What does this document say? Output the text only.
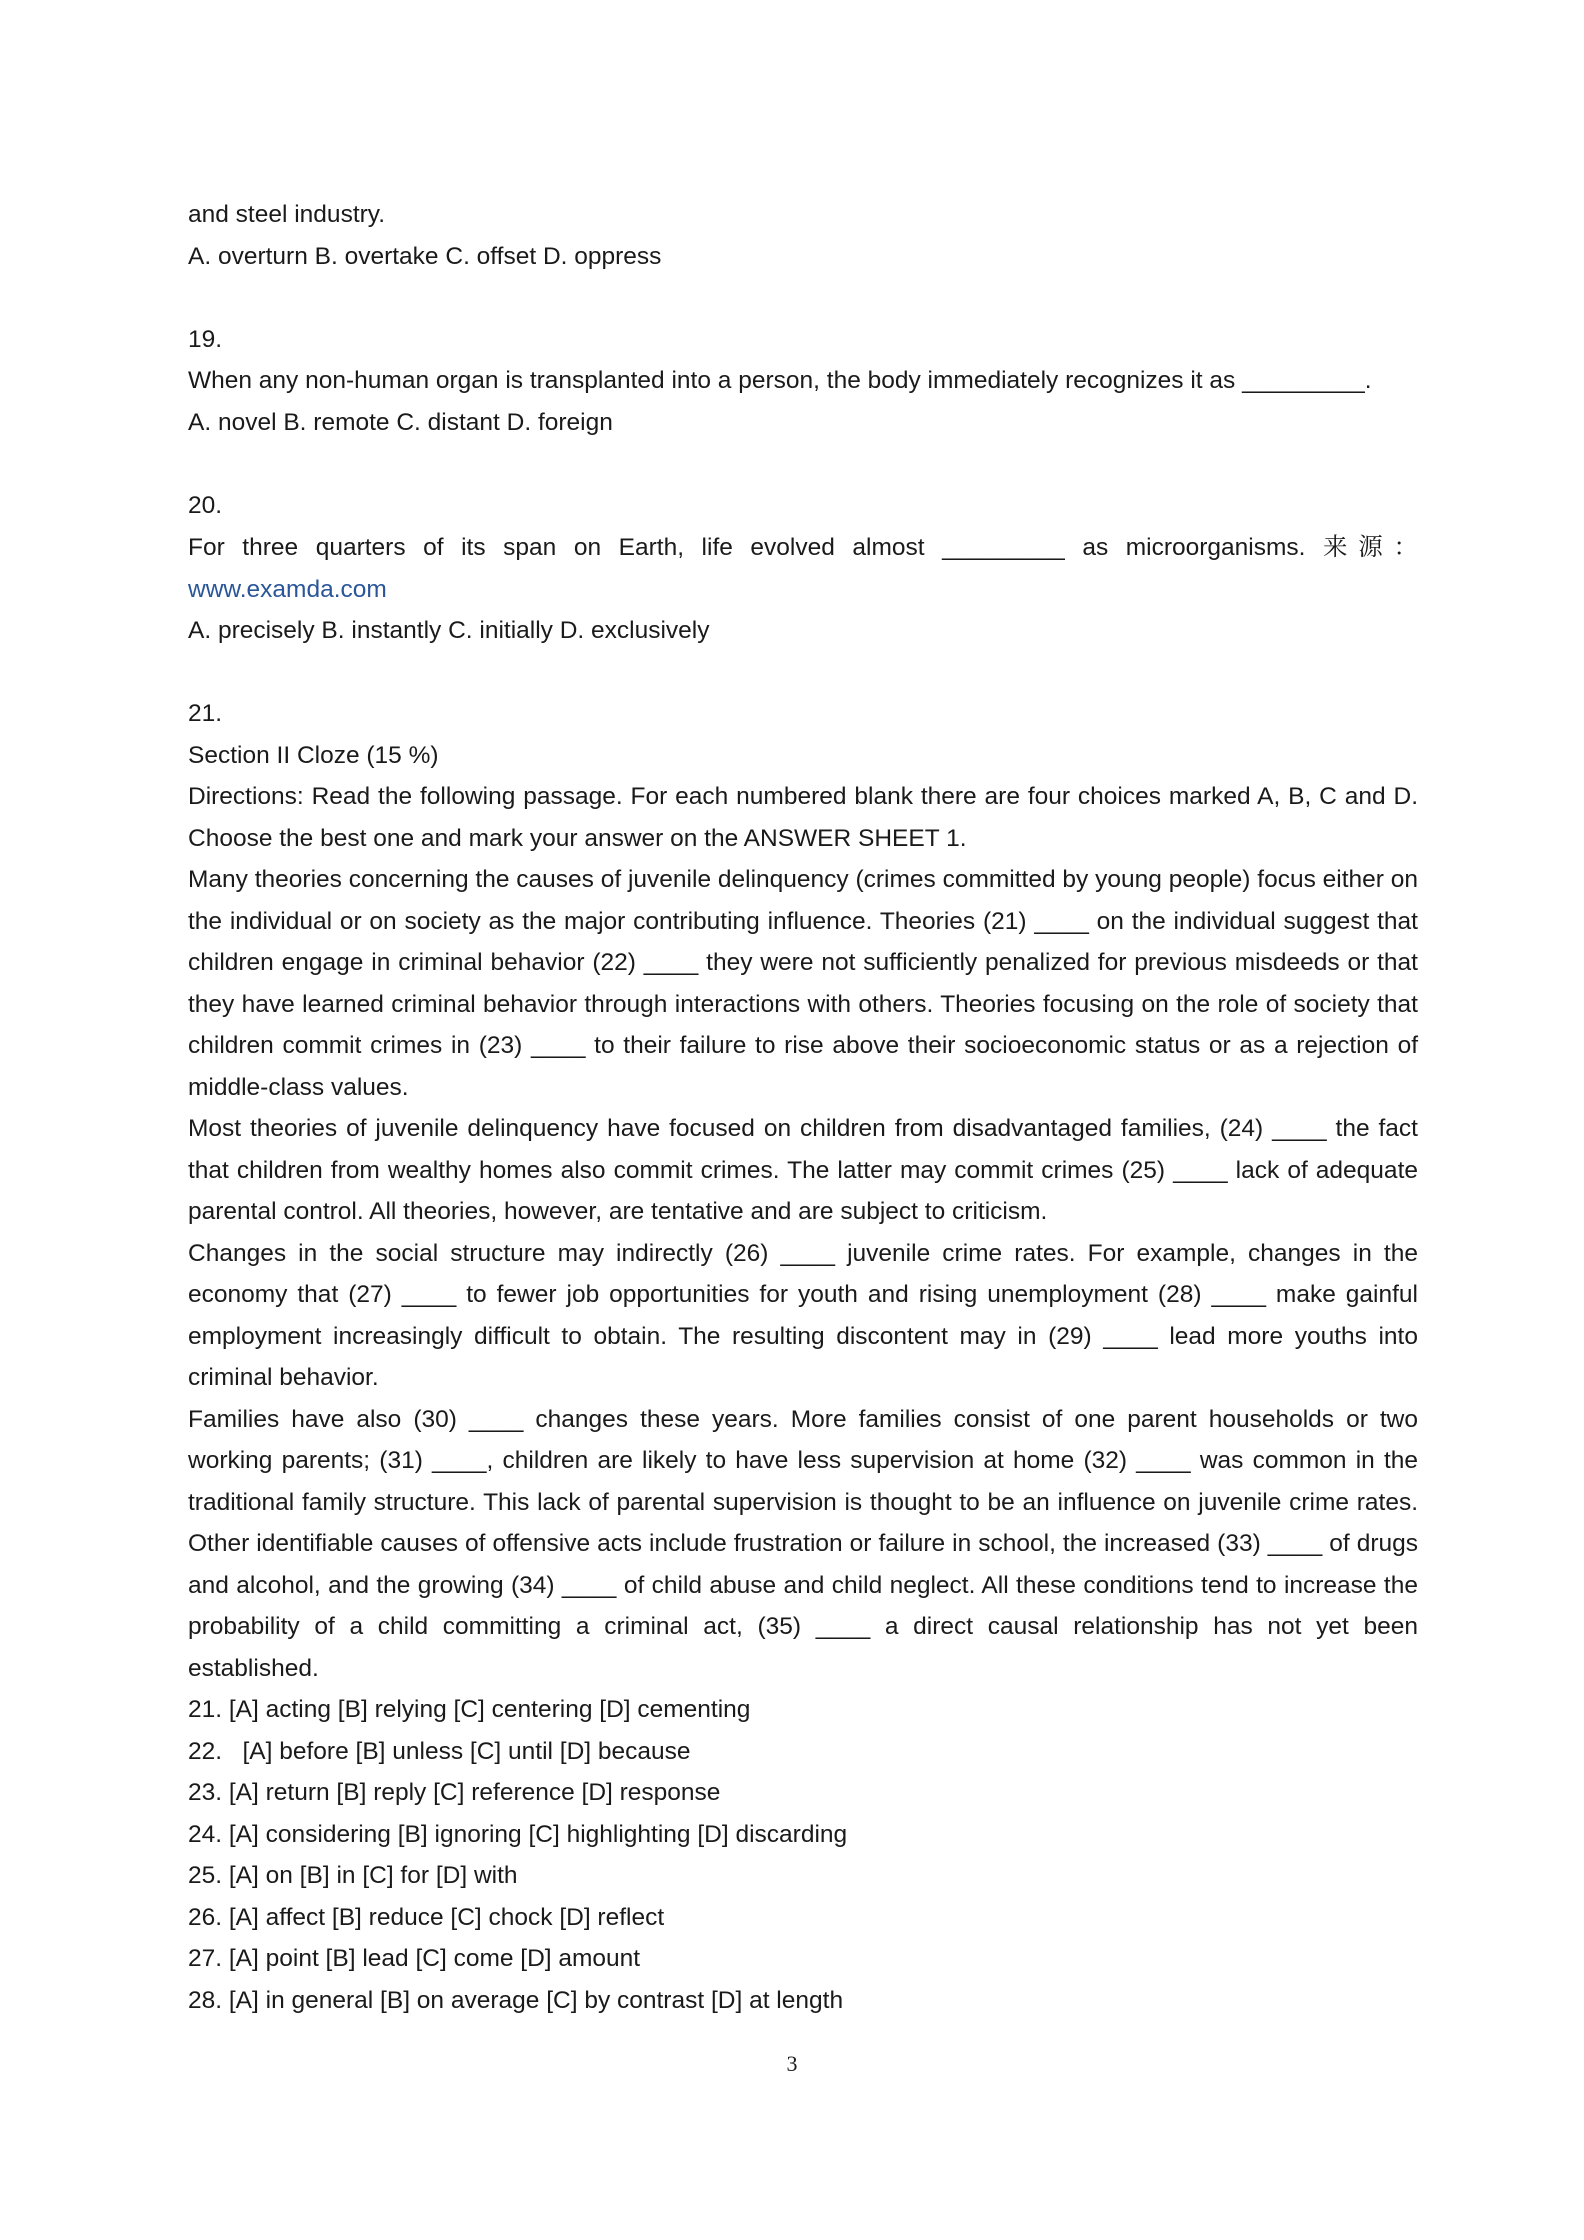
and steel industry.

A. overturn B. overtake C. offset D. oppress

19.

When any non-human organ is transplanted into a person, the body immediately recognizes it as _________.

A. novel B. remote C. distant D. foreign

20.

For three quarters of its span on Earth, life evolved almost _________ as microorganisms. 来源： www.examda.com

A. precisely B. instantly C. initially D. exclusively

21.

Section II Cloze (15 %)

Directions: Read the following passage. For each numbered blank there are four choices marked A, B, C and D. Choose the best one and mark your answer on the ANSWER SHEET 1.

Many theories concerning the causes of juvenile delinquency (crimes committed by young people) focus either on the individual or on society as the major contributing influence. Theories (21) ____ on the individual suggest that children engage in criminal behavior (22) ____ they were not sufficiently penalized for previous misdeeds or that they have learned criminal behavior through interactions with others. Theories focusing on the role of society that children commit crimes in (23) ____ to their failure to rise above their socioeconomic status or as a rejection of middle-class values.

Most theories of juvenile delinquency have focused on children from disadvantaged families, (24) ____ the fact that children from wealthy homes also commit crimes. The latter may commit crimes (25) ____ lack of adequate parental control. All theories, however, are tentative and are subject to criticism.

Changes in the social structure may indirectly (26) ____ juvenile crime rates. For example, changes in the economy that (27) ____ to fewer job opportunities for youth and rising unemployment (28) ____ make gainful employment increasingly difficult to obtain. The resulting discontent may in (29) ____ lead more youths into criminal behavior.

Families have also (30) ____ changes these years. More families consist of one parent households or two working parents; (31) ____, children are likely to have less supervision at home (32) ____ was common in the traditional family structure. This lack of parental supervision is thought to be an influence on juvenile crime rates. Other identifiable causes of offensive acts include frustration or failure in school, the increased (33) ____ of drugs and alcohol, and the growing (34) ____ of child abuse and child neglect. All these conditions tend to increase the probability of a child committing a criminal act, (35) ____ a direct causal relationship has not yet been established.

21. [A] acting [B] relying [C] centering [D] cementing

22.   [A] before [B] unless [C] until [D] because

23. [A] return [B] reply [C] reference [D] response

24. [A] considering [B] ignoring [C] highlighting [D] discarding

25. [A] on [B] in [C] for [D] with

26. [A] affect [B] reduce [C] chock [D] reflect

27. [A] point [B] lead [C] come [D] amount

28. [A] in general [B] on average [C] by contrast [D] at length

3
